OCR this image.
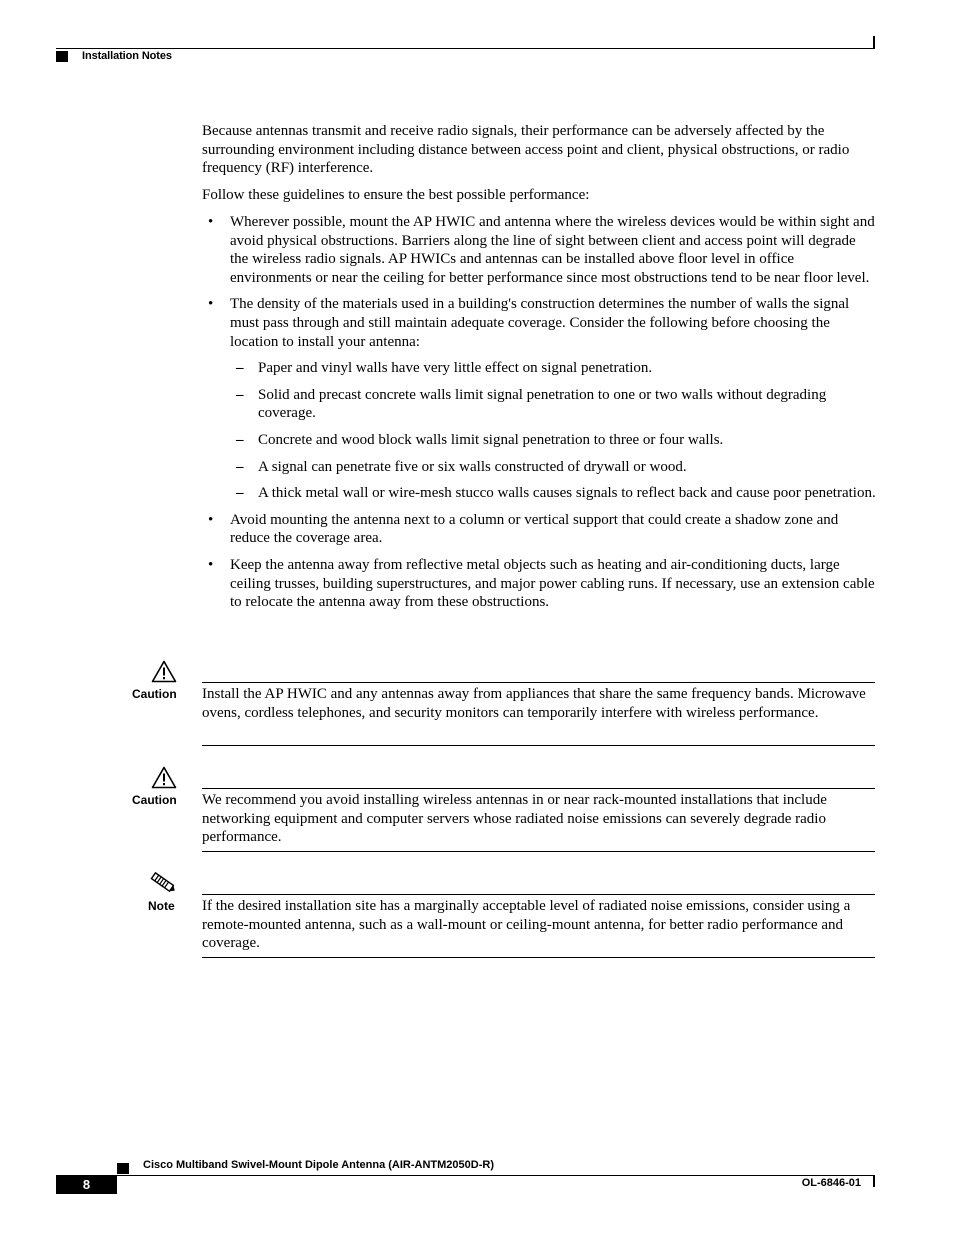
Installation Notes

Because antennas transmit and receive radio signals, their performance can be adversely affected by the surrounding environment including distance between access point and client, physical obstructions, or radio frequency (RF) interference.

Follow these guidelines to ensure the best possible performance:

• Wherever possible, mount the AP HWIC and antenna where the wireless devices would be within sight and avoid physical obstructions. Barriers along the line of sight between client and access point will degrade the wireless radio signals. AP HWICs and antennas can be installed above floor level in office environments or near the ceiling for better performance since most obstructions tend to be near floor level.
• The density of the materials used in a building's construction determines the number of walls the signal must pass through and still maintain adequate coverage. Consider the following before choosing the location to install your antenna:
– Paper and vinyl walls have very little effect on signal penetration.
– Solid and precast concrete walls limit signal penetration to one or two walls without degrading coverage.
– Concrete and wood block walls limit signal penetration to three or four walls.
– A signal can penetrate five or six walls constructed of drywall or wood.
– A thick metal wall or wire-mesh stucco walls causes signals to reflect back and cause poor penetration.
• Avoid mounting the antenna next to a column or vertical support that could create a shadow zone and reduce the coverage area.
• Keep the antenna away from reflective metal objects such as heating and air-conditioning ducts, large ceiling trusses, building superstructures, and major power cabling runs. If necessary, use an extension cable to relocate the antenna away from these obstructions.
Caution Install the AP HWIC and any antennas away from appliances that share the same frequency bands. Microwave ovens, cordless telephones, and security monitors can temporarily interfere with wireless performance.
Caution We recommend you avoid installing wireless antennas in or near rack-mounted installations that include networking equipment and computer servers whose radiated noise emissions can severely degrade radio performance.
Note If the desired installation site has a marginally acceptable level of radiated noise emissions, consider using a remote-mounted antenna, such as a wall-mount or ceiling-mount antenna, for better radio performance and coverage.
Cisco Multiband Swivel-Mount Dipole Antenna (AIR-ANTM2050D-R)
8	OL-6846-01
